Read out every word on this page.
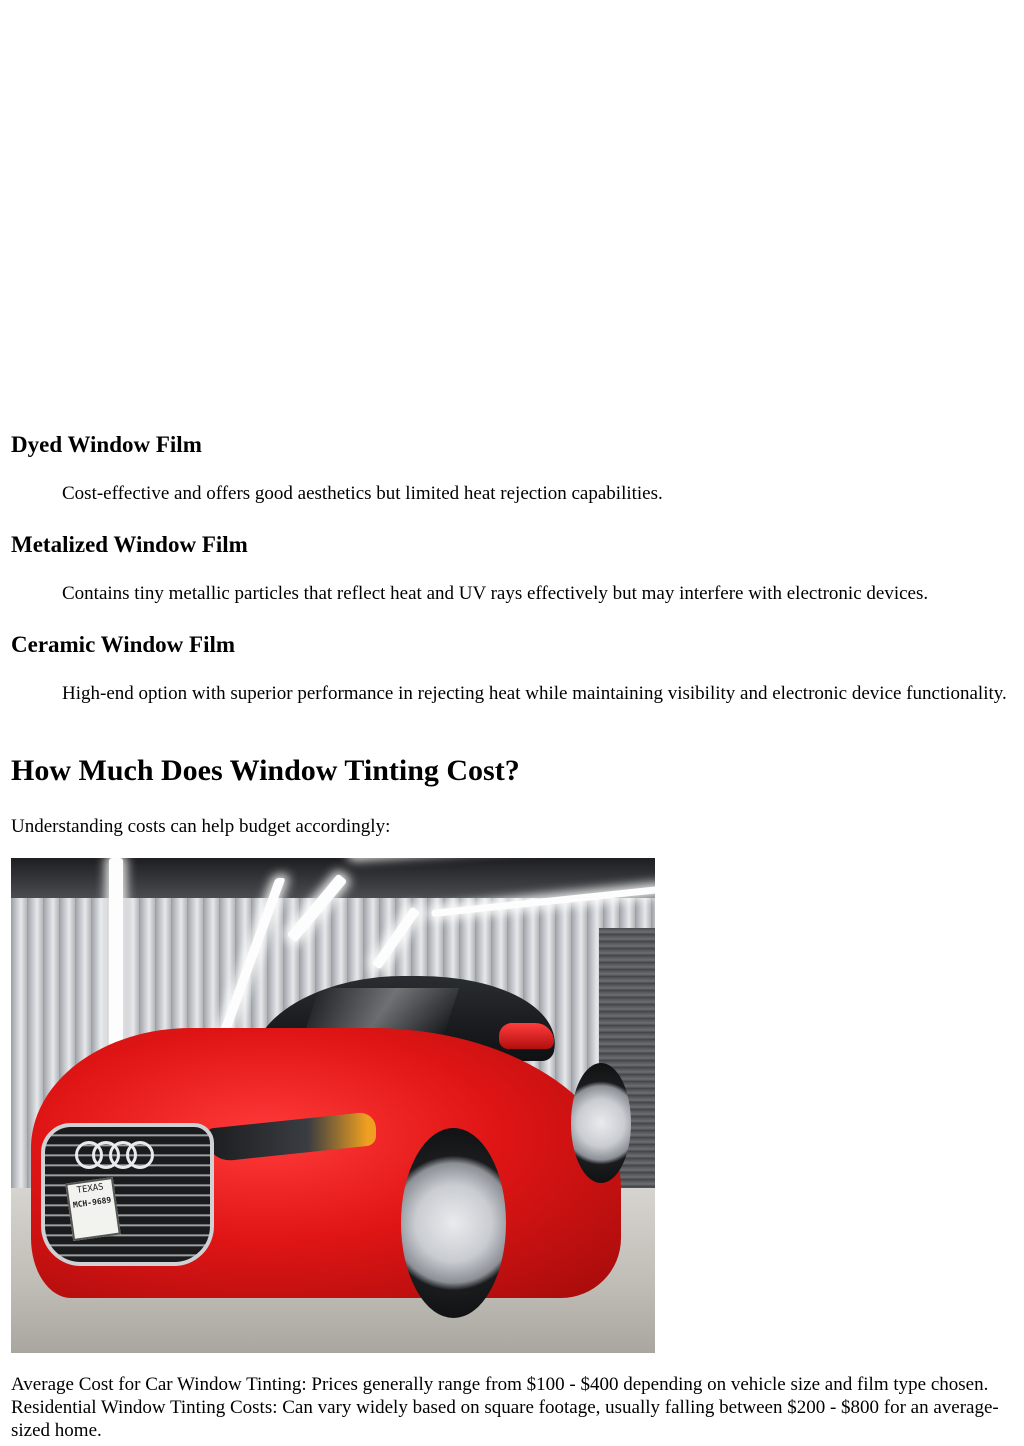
Dyed Window Film

Cost-effective and offers good aesthetics but limited heat rejection capabilities.

Metalized Window Film

Contains tiny metallic particles that reflect heat and UV rays effectively but may interfere with electronic devices.

Ceramic Window Film

High-end option with superior performance in rejecting heat while maintaining visibility and electronic device functionality.

How Much Does Window Tinting Cost?

Understanding costs can help budget accordingly:

TEXAS
MCH-9689

Average Cost for Car Window Tinting: Prices generally range from $100 - $400 depending on vehicle size and film type chosen. Residential Window Tinting Costs: Can vary widely based on square footage, usually falling between $200 - $800 for an average-sized home.
